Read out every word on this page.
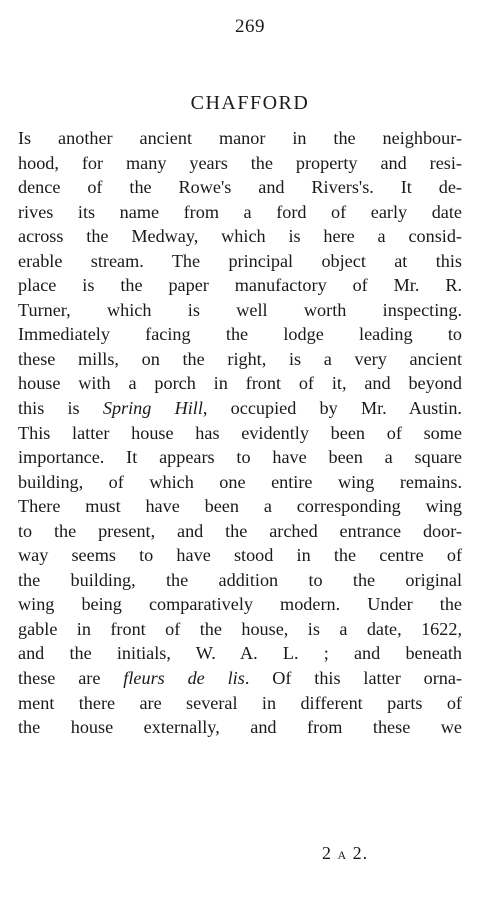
269
CHAFFORD
Is another ancient manor in the neighbour-
hood, for many years the property and resi-
dence of the Rowe's and Rivers's. It de-
rives its name from a ford of early date
across the Medway, which is here a consid-
erable stream. The principal object at this
place is the paper manufactory of Mr. R.
Turner, which is well worth inspecting.
Immediately facing the lodge leading to
these mills, on the right, is a very ancient
house with a porch in front of it, and beyond
this is Spring Hill, occupied by Mr. Austin.
This latter house has evidently been of some
importance. It appears to have been a square
building, of which one entire wing remains.
There must have been a corresponding wing
to the present, and the arched entrance door-
way seems to have stood in the centre of
the building, the addition to the original
wing being comparatively modern. Under the
gable in front of the house, is a date, 1622,
and the initials, W. A. L. ; and beneath
these are fleurs de lis. Of this latter orna-
ment there are several in different parts of
the house externally, and from these we
2 A 2.
